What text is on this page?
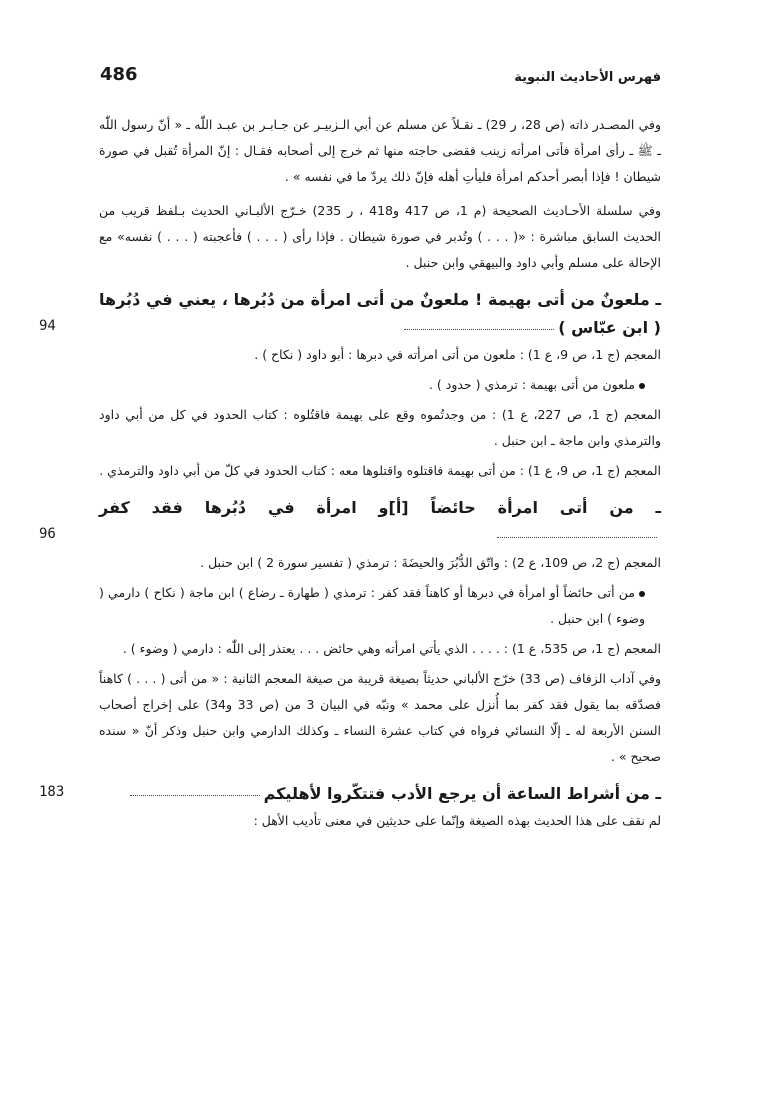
486	فهرس الأحاديث النبوية

وفي المصـدر ذاته (ص 28، ر 29) ـ نقـلاً عن مسلم عن أبي الـزبيـر عن جـابـر بن عبـد اللّٰه ـ « أنّ رسول اللّٰه ـ ﷺ ـ رأى امرأة فأتى امرأته زينب فقضى حاجته منها ثم خرج إلى أصحابه فقـال : إنّ المرأة تُقبل في صورة شيطان ! فإذا أبصر أحدكم امرأة فليأتِ أهله فإنّ ذلك يردّ ما في نفسه » .

وفي سلسلة الأحـاديث الصحيحة (م 1، ص 417 و418 ، ر 235) خـرّج الألبـاني الحديث بـلفظ قريب من الحديث السابق مباشرة : «( . . . ) وتُدبر في صورة شيطان . فإذا رأى ( . . . ) فأعجبته ( . . . ) نفسه» مع الإحالة على مسلم وأبي داود والبيهقي وابن حنبل .

ـ ملعونٌ من أتى بهيمة ! ملعونٌ من أتى امرأة من دُبُرها ، يعني في دُبُرها ( ابن عبّاس )
94

المعجم (ج 1، ص 9، ع 1) : ملعون من أتى امرأته في دبرها : أبو داود ( نكاح ) .

ملعون من أتى بهيمة : ترمذي ( حدود ) .

المعجم (ج 1، ص 227، ع 1) : من وجدتُموه وقع على بهيمة فاقتُلوه : كتاب الحدود في كل من أبي داود والترمذي وابن ماجة ـ ابن حنبل .

المعجم (ج 1، ص 9، ع 1) : من أتى بهيمة فاقتلوه واقتلوها معه : كتاب الحدود في كلّ من أبي داود والترمذي .

ـ من أتى امرأة حائضاً [أ]و امرأة في دُبُرها فقد كفر
96

المعجم (ج 2، ص 109، ع 2) : واتّق الدُّبُرَ والحيضَةَ : ترمذي ( تفسير سورة 2 ) ابن حنبل .

من أتى حائضاً أو امرأة في دبرها أو كاهناً فقد كفر : ترمذي ( طهارة ـ رضاع ) ابن ماجة ( نكاح ) دارمي ( وضوء ) ابن حنبل .

المعجم (ج 1، ص 535، ع 1) : . . . . الذي يأتي امرأته وهي حائض . . . يعتذر إلى اللّٰه : دارمي ( وضوء ) .

وفي آداب الزفاف (ص 33) خرّج الألباني حديثاً بصيغة قريبة من صيغة المعجم الثانية : « من أتى ( . . . ) كاهناً فصدّقه بما يقول فقد كفر بما أُنزل على محمد » ونبّه في البيان 3 من (ص 33 و34) على إخراج أصحاب السنن الأربعة له ـ إلّا النسائي فرواه في كتاب عشرة النساء ـ وكذلك الدارمي وابن حنبل وذكر أنّ « سنده صحيح » .

ـ من أشراط الساعة أن يرجع الأدب فتتكّروا لأهليكم
183

لم نقف على هذا الحديث بهذه الصيغة وإنّما على حديثين في معنى تأديب الأهل :
